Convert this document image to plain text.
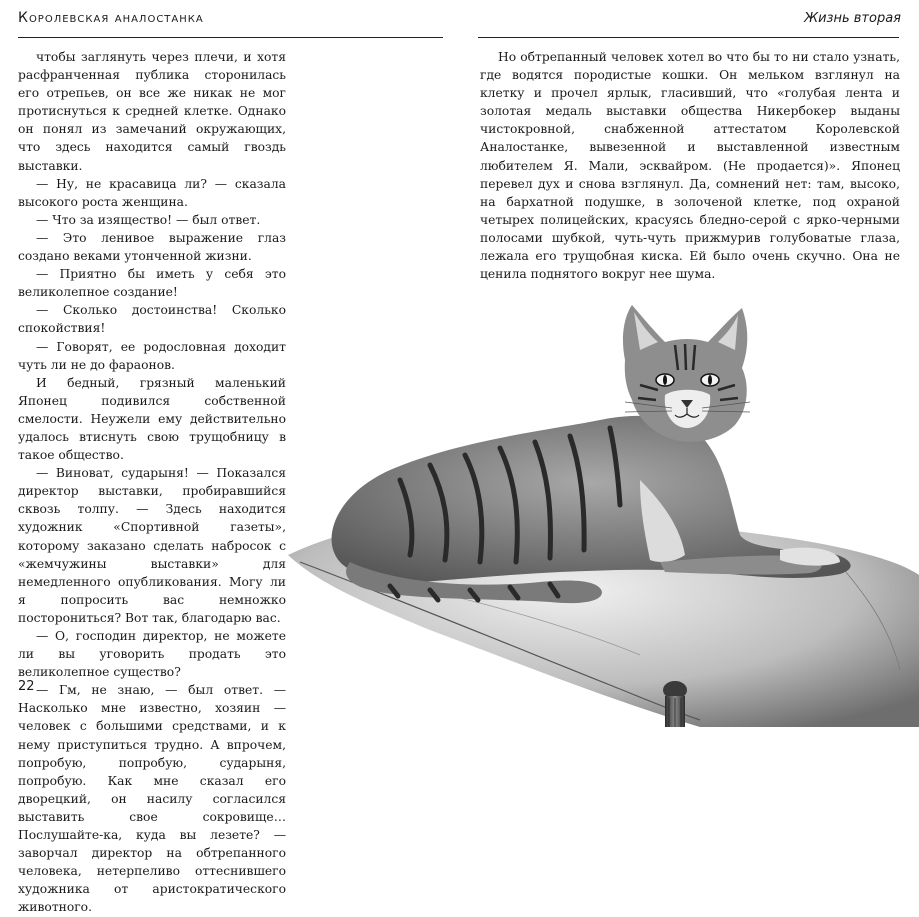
Королевская аналостанка

чтобы заглянуть через плечи, и хотя расфранченная публика сторонилась его отрепьев, он все же никак не мог протиснуться к средней клетке. Однако он понял из замечаний окружающих, что здесь находится самый гвоздь выставки.

— Ну, не красавица ли? — сказала высокого роста женщина.

— Что за изящество! — был ответ.

— Это ленивое выражение глаз создано веками утонченной жизни.

— Приятно бы иметь у себя это великолепное создание!

— Сколько достоинства! Сколько спокойствия!

— Говорят, ее родословная доходит чуть ли не до фараонов.

И бедный, грязный маленький Японец подивился собственной смелости. Неужели ему действительно удалось втиснуть свою трущобницу в такое общество.

— Виноват, сударыня! — Показался директор выставки, пробиравшийся сквозь толпу. — Здесь находится художник «Спортивной газеты», которому заказано сделать набросок с «жемчужины выставки» для немедленного опубликования. Могу ли я попросить вас немножко посторониться? Вот так, благодарю вас.

— О, господин директор, не можете ли вы уговорить продать это великолепное существо?

— Гм, не знаю, — был ответ. — Насколько мне известно, хозяин — человек с большими средствами, и к нему приступиться трудно. А впрочем, попробую, попробую, сударыня, попробую. Как мне сказал его дворецкий, он насилу согласился выставить свое сокровище… Послушайте-ка, куда вы лезете? — заворчал директор на обтрепанного человека, нетерпеливо оттеснившего художника от аристократического животного.

22
Жизнь вторая

Но обтрепанный человек хотел во что бы то ни стало узнать, где водятся породистые кошки. Он мельком взглянул на клетку и прочел ярлык, гласивший, что «голубая лента и золотая медаль выставки общества Никербокер выданы чистокровной, снабженной аттестатом Королевской Аналостанке, вывезенной и выставленной известным любителем Я. Мали, эсквайром. (Не продается)». Японец перевел дух и снова взглянул. Да, сомнений нет: там, высоко, на бархатной подушке, в золоченой клетке, под охраной четырех полицейских, красуясь бледно-серой с ярко-черными полосами шубкой, чуть-чуть прижмурив голубоватые глаза, лежала его трущобная киска. Ей было очень скучно. Она не ценила поднятого вокруг нее шума.
